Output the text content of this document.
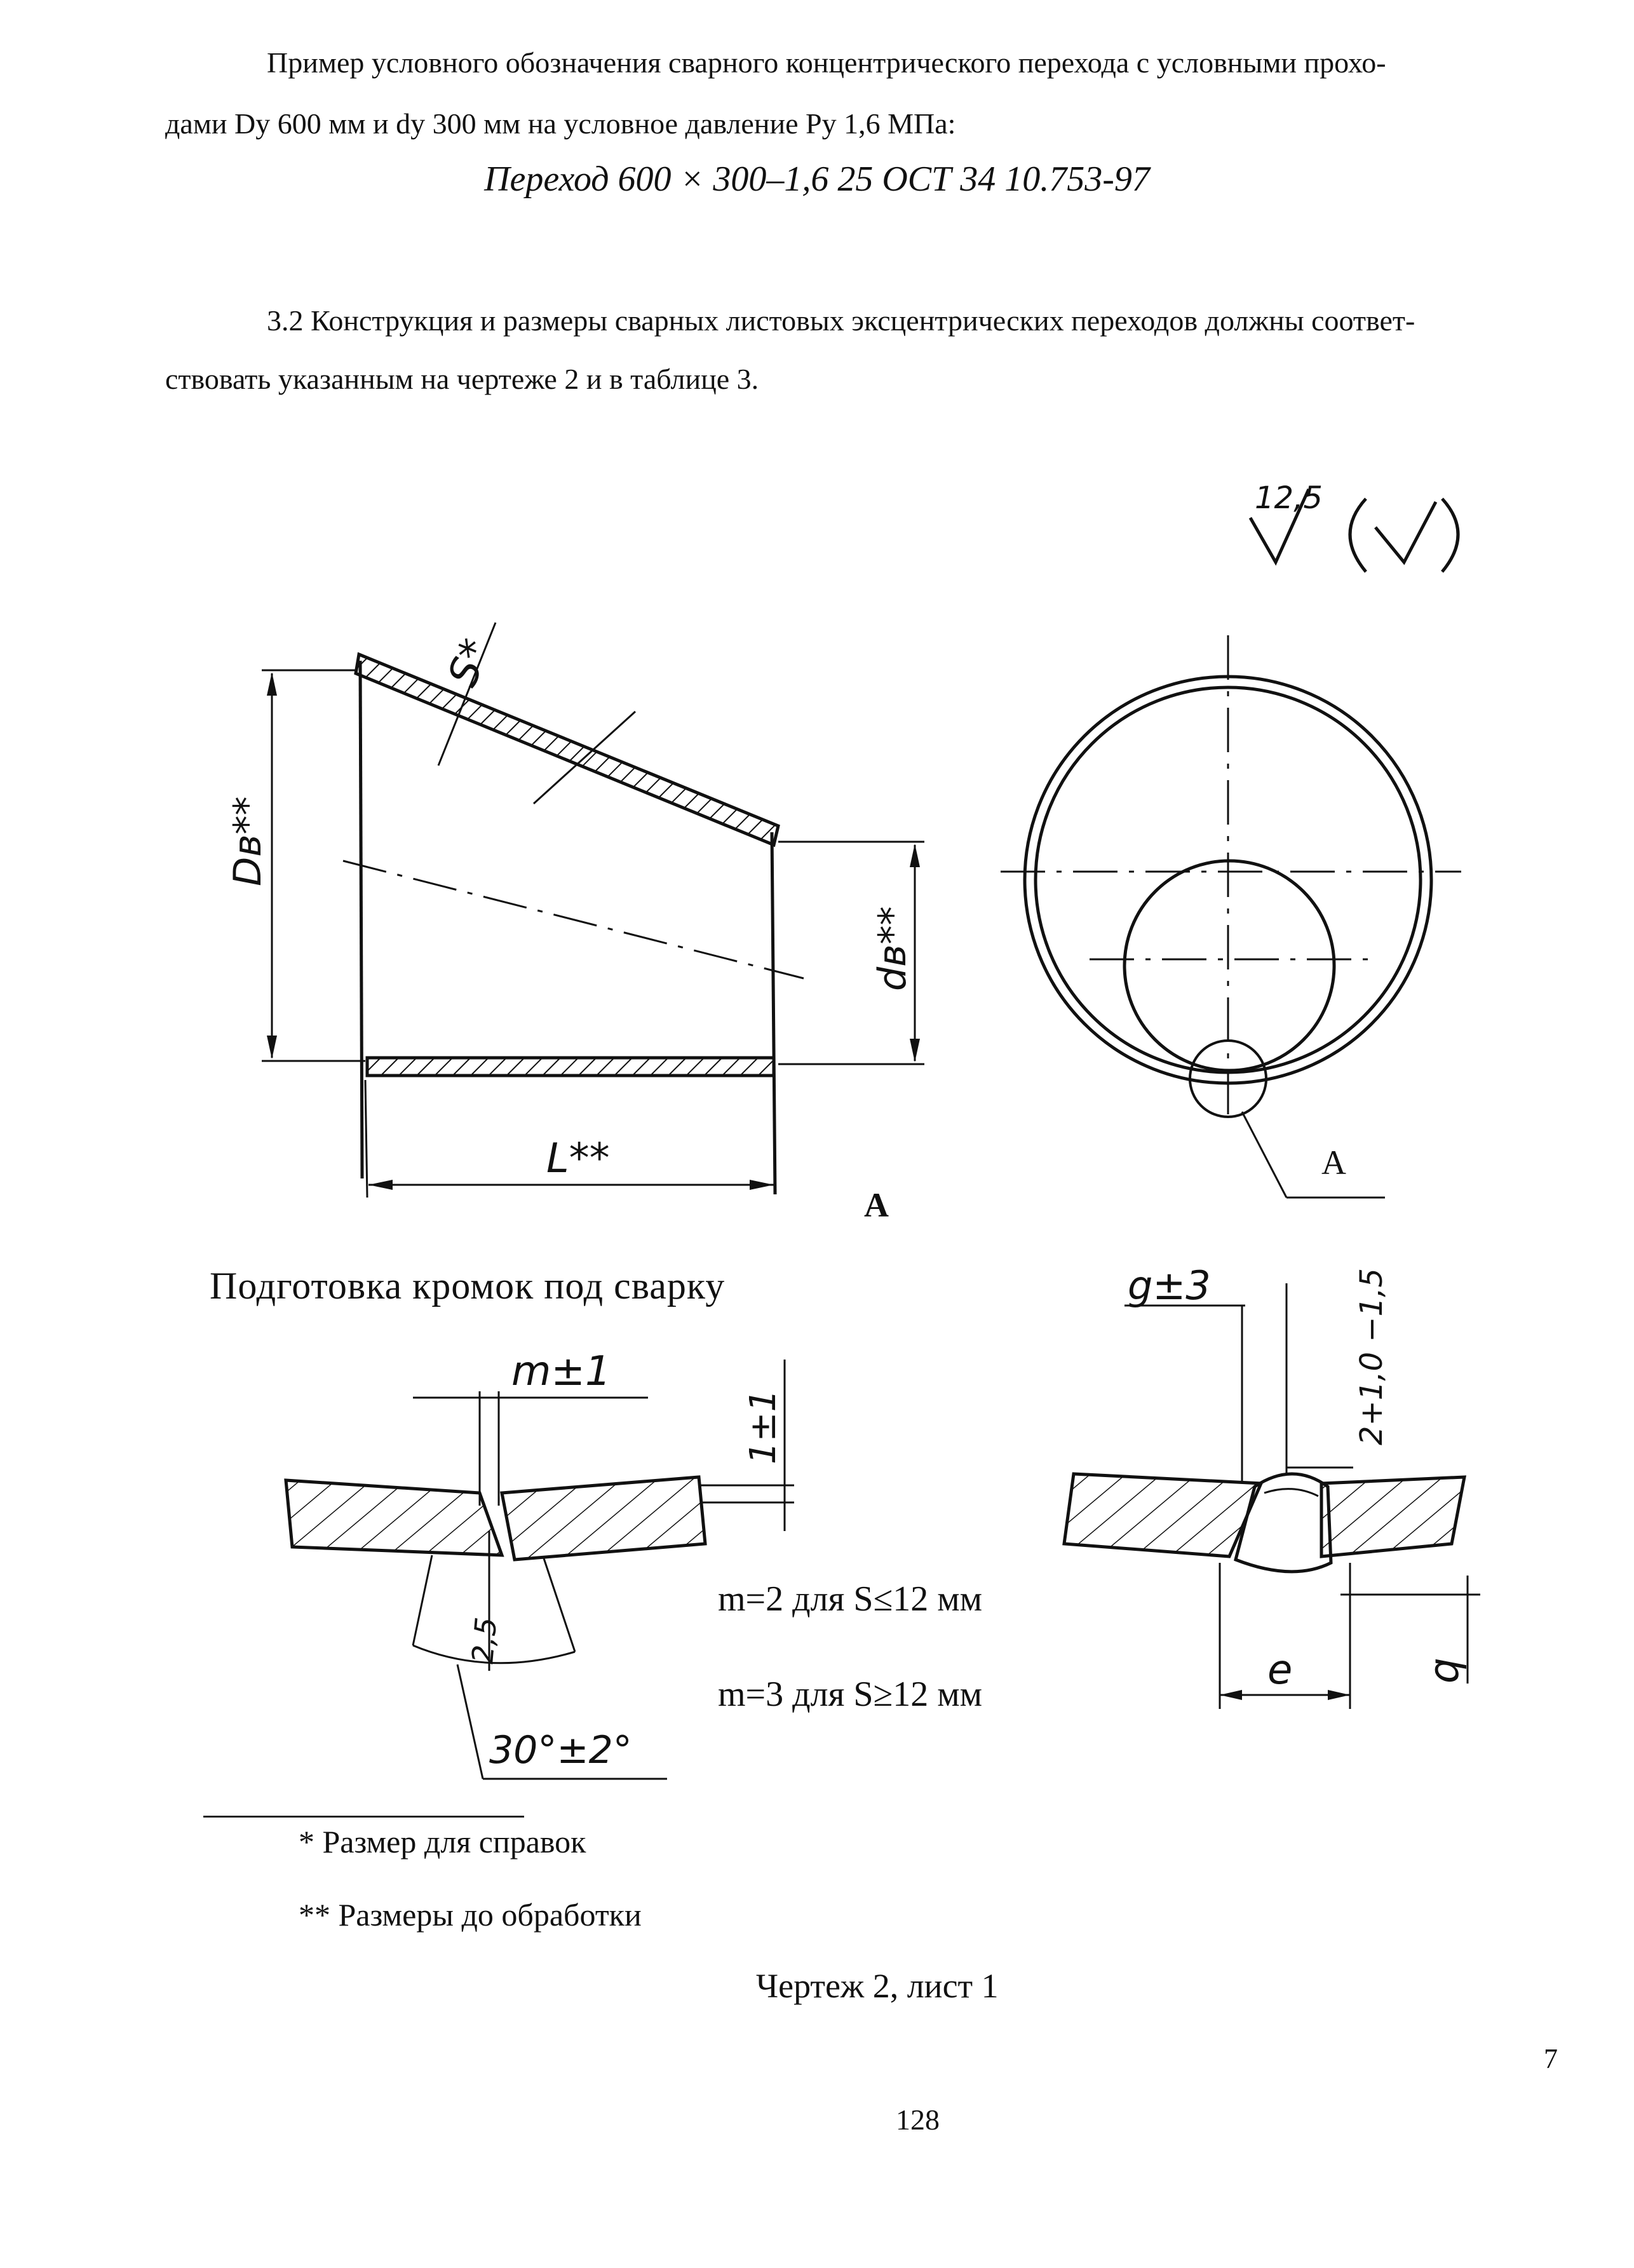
Пример условного обозначения сварного концентрического перехода с условными прохо-
дами Dу 600 мм и dу 300 мм на условное давление Pу 1,6 МПа:
Переход 600 × 300–1,6 25 ОСТ 34 10.753-97
3.2 Конструкция и размеры сварных листовых эксцентрических переходов должны соответ-
ствовать указанным на чертеже 2 и в таблице 3.
12,5
S*
Dв**
dв**
L**
A
A
m±1
1±1
2,5
30°±2°
g±3	2+1,0 −1,5
e	q
Подготовка кромок под сварку
m=2 для S≤12 мм
m=3 для S≥12 мм
* Размер для справок
** Размеры до обработки
Чертеж 2, лист 1
7
128
